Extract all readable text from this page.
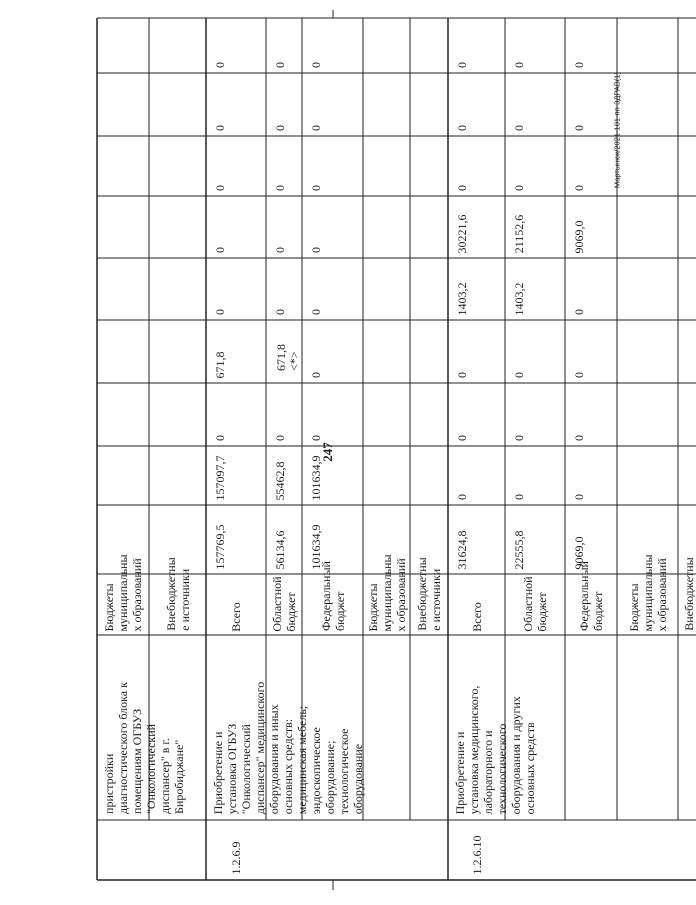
247
Мартынюк/2021-101-пп-3ДРАВ(1)
пристройки диагностического блока к помещениям ОГБУЗ "Онкологический диспансер" в г. Биробиджане"
Бюджеты муниципальны х образований Внебюджетны е источники
1.2.6.9
Приобретение и установка ОГБУЗ "Онкологический диспансер" медицинского оборудования и иных основных средств: медицинская мебель; эндоскопическое оборудование; технологическое оборудование
Всего
157769,5
157097,7
0
671,8
0
0
0
0
0
Областной бюджет
56134,6
55462,8
0
671,8 <*>
0
0
0
0
0
Федеральный бюджет
101634,9
101634,9
0
0
0
0
0
0
0
Бюджеты муниципальны х образований Внебюджетны е источники
1.2.6.10
Приобретение и установка медицинского, лабораторного и технологического оборудования и других основных средств
Всего
31624,8
0
0
0
1403,2
30221,6
0
0
0
Областной бюджет
22555,8
0
0
0
1403,2
21152,6
0
0
0
Федеральный бюджет
9069,0
0
0
0
0
9069,0
0
0
0
Бюджеты муниципальны х образований Внебюджетны
